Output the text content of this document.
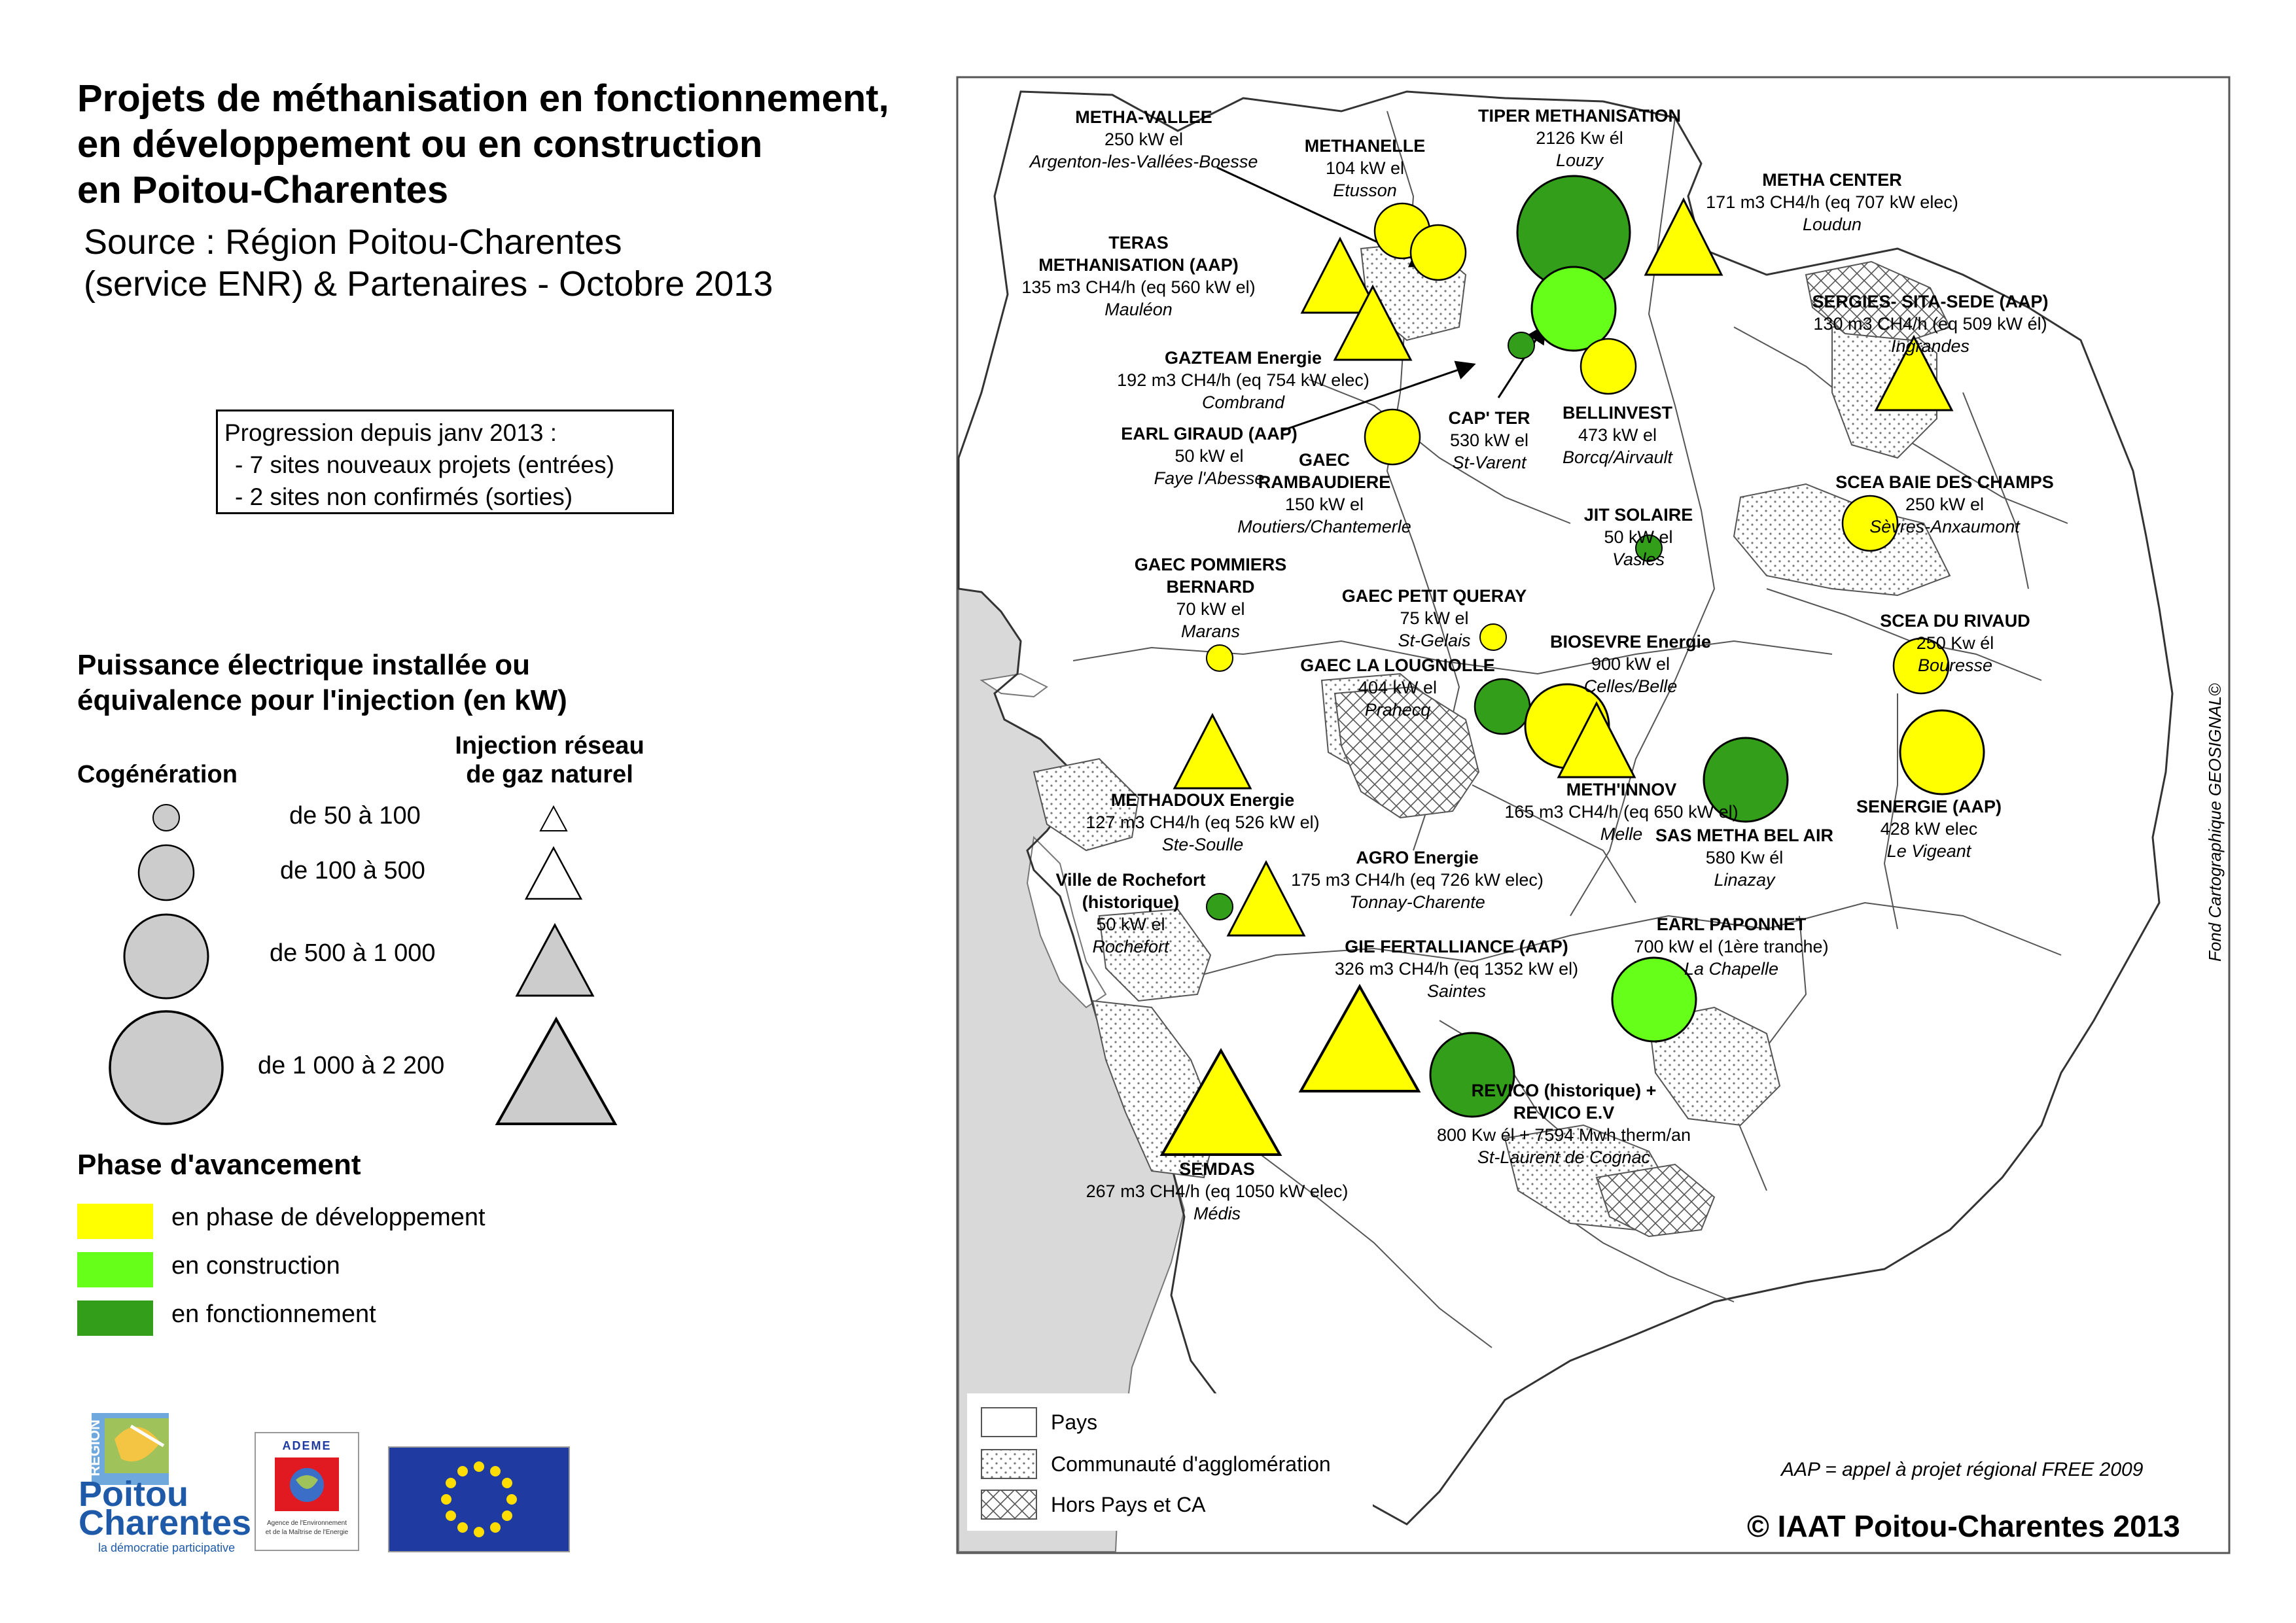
Projets de méthanisation en fonctionnement,
en développement ou en construction
en Poitou-Charentes
Source : Région Poitou-Charentes
(service ENR) & Partenaires - Octobre 2013
Progression depuis janv 2013 :
- 7 sites nouveaux projets (entrées)
- 2 sites non confirmés (sorties)
Puissance électrique installée ou
équivalence pour l'injection (en kW)
Cogénération
Injection réseau
de gaz naturel
de 50 à 100
de 100 à 500
de 500 à 1 000
de 1 000 à 2 200
Phase d'avancement
en phase de développement
en construction
en fonctionnement
Pays
Communauté d'agglomération
Hors Pays et CA
AAP = appel à projet régional FREE 2009
© IAAT Poitou-Charentes 2013
Fond Cartographique GEOSIGNAL©
RÉGION
Poitou
Charentes
la démocratie participative
ADEME
Agence de l'Environnement
et de la Maîtrise de l'Energie
METHA-VALLEE
250 kW el
Argenton-les-Vallées-Boesse
METHANELLE
104 kW el
Etusson
TIPER METHANISATION
2126 Kw él
Louzy
METHA CENTER
171 m3 CH4/h (eq 707 kW elec)
Loudun
TERAS
METHANISATION (AAP)
135 m3 CH4/h (eq 560 kW el)
Mauléon
GAZTEAM Energie
192 m3 CH4/h (eq 754 kW elec)
Combrand
SERGIES- SITA-SEDE (AAP)
130 m3 CH4/h (eq 509 kW él)
Ingrandes
EARL GIRAUD (AAP)
50 kW el
Faye l'Abesse
CAP' TER
530 kW el
St-Varent
BELLINVEST
473 kW el
Borcq/Airvault
GAEC
RAMBAUDIERE
150 kW el
Moutiers/Chantemerle
SCEA BAIE DES CHAMPS
250 kW el
Sèvres-Anxaumont
JIT SOLAIRE
50 kW el
Vasles
GAEC POMMIERS
BERNARD
70 kW el
Marans
GAEC PETIT QUERAY
75 kW el
St-Gelais
SCEA DU RIVAUD
250 Kw él
Bouresse
GAEC LA LOUGNOLLE
404 kW el
Prahecq
BIOSEVRE Energie
900 kW el
Celles/Belle
METH'INNOV
165 m3 CH4/h (eq 650 kW el)
Melle
METHADOUX Energie
127 m3 CH4/h (eq 526 kW el)
Ste-Soulle	SAS METHA BEL AIR
580 Kw él
Linazay
SENERGIE (AAP)
428 kW elec
Le Vigeant
AGRO Energie
175 m3 CH4/h (eq 726 kW elec)
Tonnay-Charente
Ville de Rochefort
(historique)
50 kW el
Rochefort	GIE FERTALLIANCE (AAP)
326 m3 CH4/h (eq 1352 kW el)
Saintes
EARL PAPONNET
700 kW el (1ère tranche)
La Chapelle
REVICO (historique) +
REVICO E.V
800 Kw él + 7594 Mwh therm/an
St-Laurent de Cognac
SEMDAS
267 m3 CH4/h (eq 1050 kW elec)
Médis
